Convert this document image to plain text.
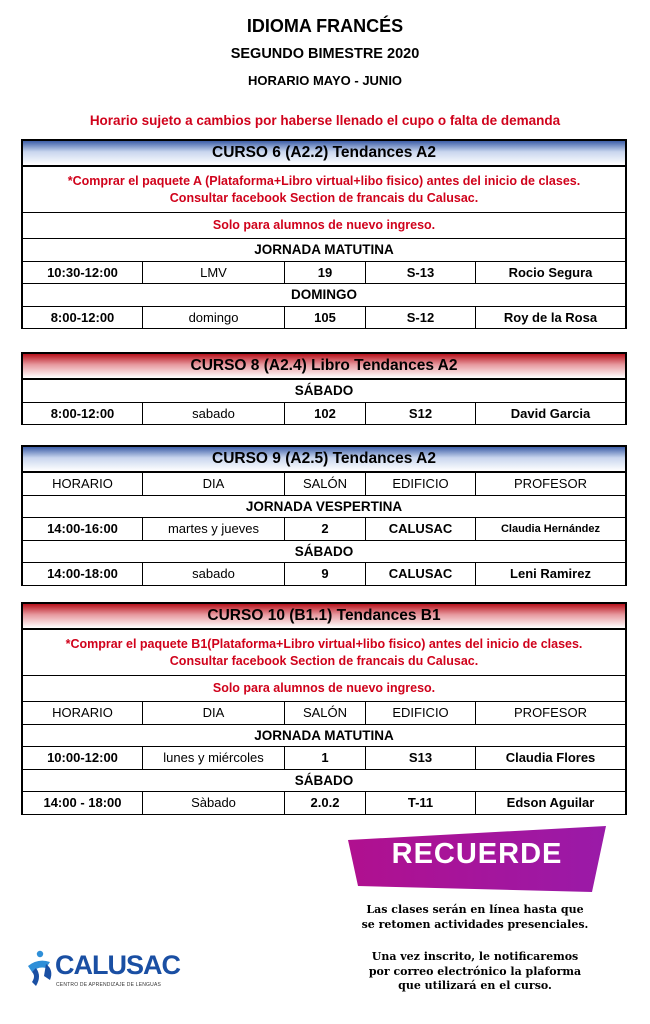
IDIOMA FRANCÉS
SEGUNDO BIMESTRE 2020
HORARIO MAYO - JUNIO
Horario sujeto a cambios por haberse llenado el cupo o falta de demanda
CURSO 6 (A2.2) Tendances A2
*Comprar el paquete A (Plataforma+Libro virtual+libo fisico) antes del inicio de clases.
Consultar facebook Section de francais du Calusac.
Solo para alumnos de nuevo ingreso.
JORNADA MATUTINA
10:30-12:00	LMV	19	S-13	Rocio Segura
DOMINGO
8:00-12:00	domingo	105	S-12	Roy de la Rosa
CURSO 8 (A2.4) Libro Tendances A2
SÁBADO
8:00-12:00	sabado	102	S12	David Garcia
CURSO 9 (A2.5) Tendances A2
HORARIO	DIA	SALÓN	EDIFICIO	PROFESOR
JORNADA VESPERTINA
14:00-16:00	martes y jueves	2	CALUSAC	Claudia Hernández
SÁBADO
14:00-18:00	sabado	9	CALUSAC	Leni Ramirez
CURSO 10 (B1.1) Tendances B1
*Comprar el paquete B1(Plataforma+Libro virtual+libo fisico) antes del inicio de clases.
Consultar facebook Section de francais du Calusac.
Solo para alumnos de nuevo ingreso.
HORARIO	DIA	SALÓN	EDIFICIO	PROFESOR
JORNADA MATUTINA
10:00-12:00	lunes y miércoles	1	S13	Claudia Flores
SÁBADO
14:00 - 18:00	Sàbado	2.0.2	T-11	Edson Aguilar
RECUERDE
Las clases serán en línea hasta que
se retomen actividades presenciales.
Una vez inscrito, le notificaremos
por correo electrónico la plaforma
que utilizará en el curso.
CALUSAC
CENTRO DE APRENDIZAJE DE LENGUAS
